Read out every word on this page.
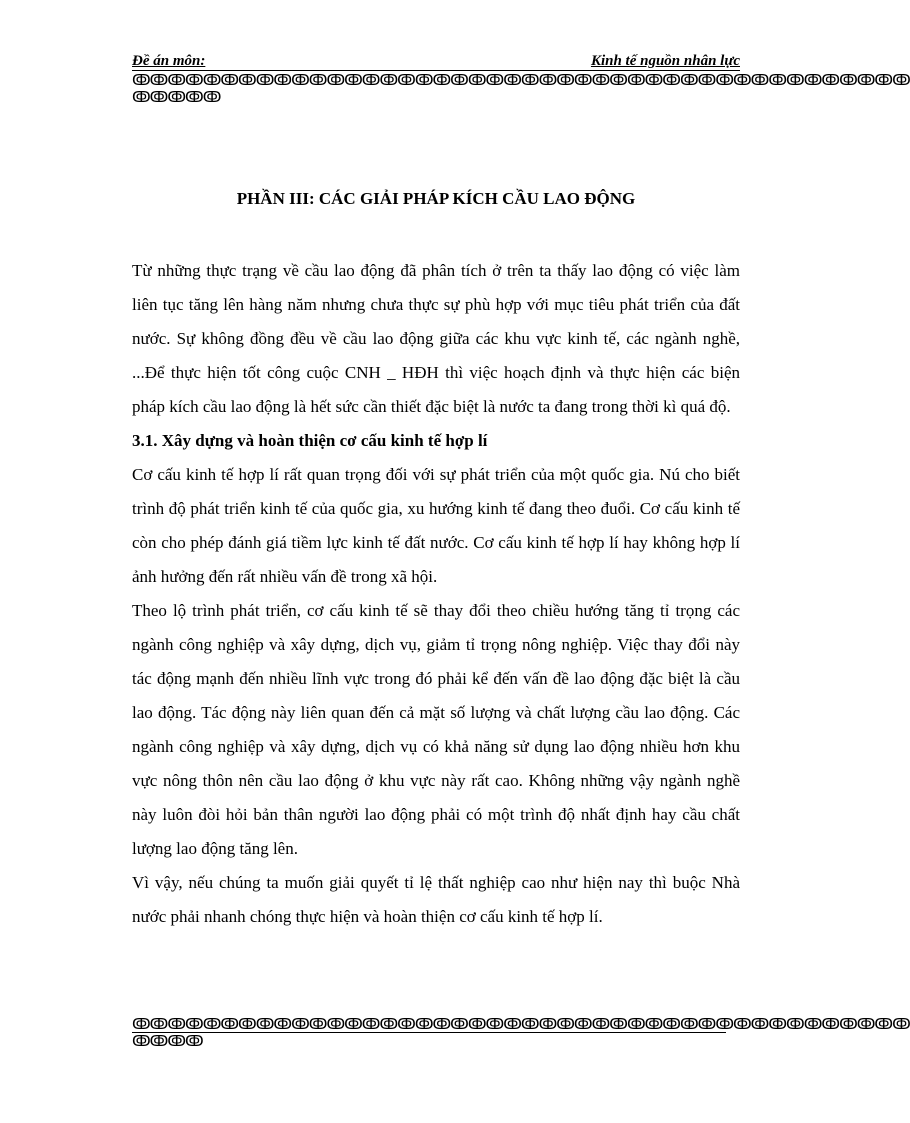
Đề án môn:	Kinh tế nguồn nhân lực
ↂↂↂↂↂↂↂↂↂↂↂↂↂↂↂↂↂↂↂↂↂↂↂↂↂↂↂↂↂↂↂↂↂↂↂↂↂↂↂↂↂↂↂↂ
ↂↂↂↂↂ
PHẦN III: CÁC GIẢI PHÁP KÍCH CẦU LAO ĐỘNG

Từ những thực trạng về cầu lao động đã phân tích ở trên ta thấy lao động có việc làm liên tục tăng lên hàng năm nhưng chưa thực sự phù hợp với mục tiêu phát triển của đất nước. Sự không đồng đều về cầu lao động giữa các khu vực kinh tế, các ngành nghề, ...Để thực hiện tốt công cuộc CNH _ HĐH thì việc hoạch định và thực hiện các biện pháp kích cầu lao động là hết sức cần thiết đặc biệt là nước ta đang trong thời kì quá độ.

3.1. Xây dựng và hoàn thiện cơ cấu kinh tế hợp lí

Cơ cấu kinh tế hợp lí rất quan trọng đối với sự phát triển của một quốc gia. Nú cho biết trình độ phát triển kinh tế của quốc gia, xu hướng kinh tế đang theo đuổi. Cơ cấu kinh tế còn cho phép đánh giá tiềm lực kinh tế đất nước. Cơ cấu kinh tế hợp lí hay không hợp lí ảnh hưởng đến rất nhiều vấn đề trong xã hội.

Theo lộ trình phát triển, cơ cấu kinh tế sẽ thay đổi theo chiều hướng tăng tỉ trọng các ngành công nghiệp và xây dựng, dịch vụ, giảm tỉ trọng nông nghiệp. Việc thay đổi này tác động mạnh đến nhiều lĩnh vực trong đó phải kể đến vấn đề lao động đặc biệt là cầu lao động. Tác động này liên quan đến cả mặt số lượng và chất lượng cầu lao động. Các ngành công nghiệp và xây dựng, dịch vụ có khả năng sử dụng lao động nhiều hơn khu vực nông thôn nên cầu lao động ở khu vực này rất cao. Không những vậy ngành nghề này luôn đòi hỏi bản thân người lao động phải có một trình độ nhất định hay cầu chất lượng lao động tăng lên.

Vì vậy, nếu chúng ta muốn giải quyết tỉ lệ thất nghiệp cao như hiện nay thì buộc Nhà nước phải nhanh chóng thực hiện và hoàn thiện cơ cấu kinh tế hợp lí.

ↂↂↂↂↂↂↂↂↂↂↂↂↂↂↂↂↂↂↂↂↂↂↂↂↂↂↂↂↂↂↂↂↂↂↂↂↂↂↂↂↂↂↂↂ
ↂↂↂↂ
